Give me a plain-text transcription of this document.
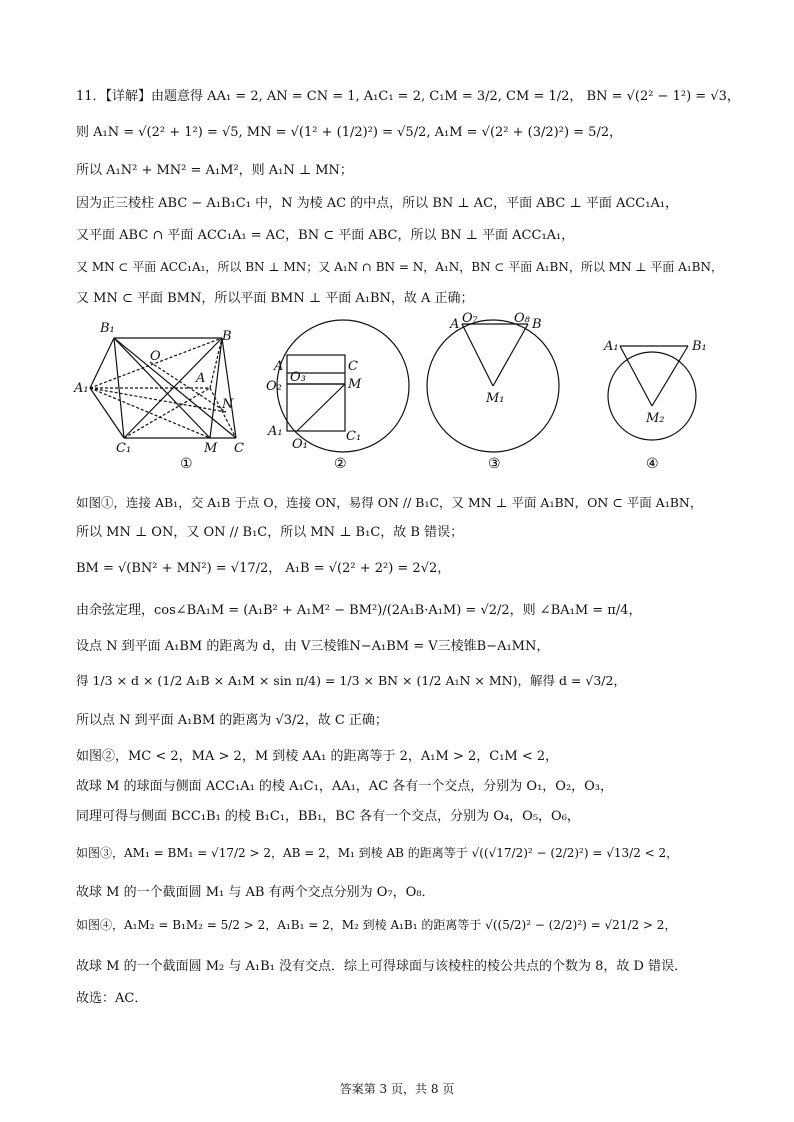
11．【详解】由题意得 AA₁ = 2, AN = CN = 1, A₁C₁ = 2, C₁M = 3/2, CM = 1/2， BN = √(2² − 1²) = √3，
则 A₁N = √(2² + 1²) = √5, MN = √(1² + (1/2)²) = √5/2, A₁M = √(2² + (3/2)²) = 5/2，
所以 A₁N² + MN² = A₁M²，则 A₁N ⊥ MN；
因为正三棱柱 ABC − A₁B₁C₁ 中，N 为棱 AC 的中点，所以 BN ⊥ AC，平面 ABC ⊥ 平面 ACC₁A₁，
又平面 ABC ∩ 平面 ACC₁A₁ = AC，BN ⊂ 平面 ABC，所以 BN ⊥ 平面 ACC₁A₁，
又 MN ⊂ 平面 ACC₁A₁，所以 BN ⊥ MN；又 A₁N ∩ BN = N，A₁N，BN ⊂ 平面 A₁BN，所以 MN ⊥ 平面 A₁BN，
又 MN ⊂ 平面 BMN，所以平面 BMN ⊥ 平面 A₁BN，故 A 正确；
B₁
B
O
A₁
A
N
C₁	M C
①
C
A
O₃
O₂	M
A₁
O₁
C₁
②
A O₇	O₈ B
M₁
③
A₁	B₁
M₂
④
如图①，连接 AB₁，交 A₁B 于点 O，连接 ON，易得 ON // B₁C，又 MN ⊥ 平面 A₁BN，ON ⊂ 平面 A₁BN，
所以 MN ⊥ ON，又 ON // B₁C，所以 MN ⊥ B₁C，故 B 错误；
BM = √(BN² + MN²) = √17/2， A₁B = √(2² + 2²) = 2√2，
由余弦定理，cos∠BA₁M = (A₁B² + A₁M² − BM²)/(2A₁B·A₁M) = √2/2，则 ∠BA₁M = π/4，
设点 N 到平面 A₁BM 的距离为 d，由 V三棱锥N−A₁BM = V三棱锥B−A₁MN，
得 1/3 × d × (1/2 A₁B × A₁M × sin π/4) = 1/3 × BN × (1/2 A₁N × MN)，解得 d = √3/2，
所以点 N 到平面 A₁BM 的距离为 √3/2，故 C 正确；
如图②，MC < 2，MA > 2，M 到棱 AA₁ 的距离等于 2，A₁M > 2，C₁M < 2，
故球 M 的球面与侧面 ACC₁A₁ 的棱 A₁C₁，AA₁，AC 各有一个交点，分别为 O₁，O₂，O₃，
同理可得与侧面 BCC₁B₁ 的棱 B₁C₁，BB₁，BC 各有一个交点，分别为 O₄，O₅，O₆，
如图③，AM₁ = BM₁ = √17/2 > 2，AB = 2，M₁ 到棱 AB 的距离等于 √((√17/2)² − (2/2)²) = √13/2 < 2，
故球 M 的一个截面圆 M₁ 与 AB 有两个交点分别为 O₇，O₈．
如图④，A₁M₂ = B₁M₂ = 5/2 > 2，A₁B₁ = 2，M₂ 到棱 A₁B₁ 的距离等于 √((5/2)² − (2/2)²) = √21/2 > 2，
故球 M 的一个截面圆 M₂ 与 A₁B₁ 没有交点．综上可得球面与该棱柱的棱公共点的个数为 8，故 D 错误．
故选：AC．
答案第 3 页，共 8 页
